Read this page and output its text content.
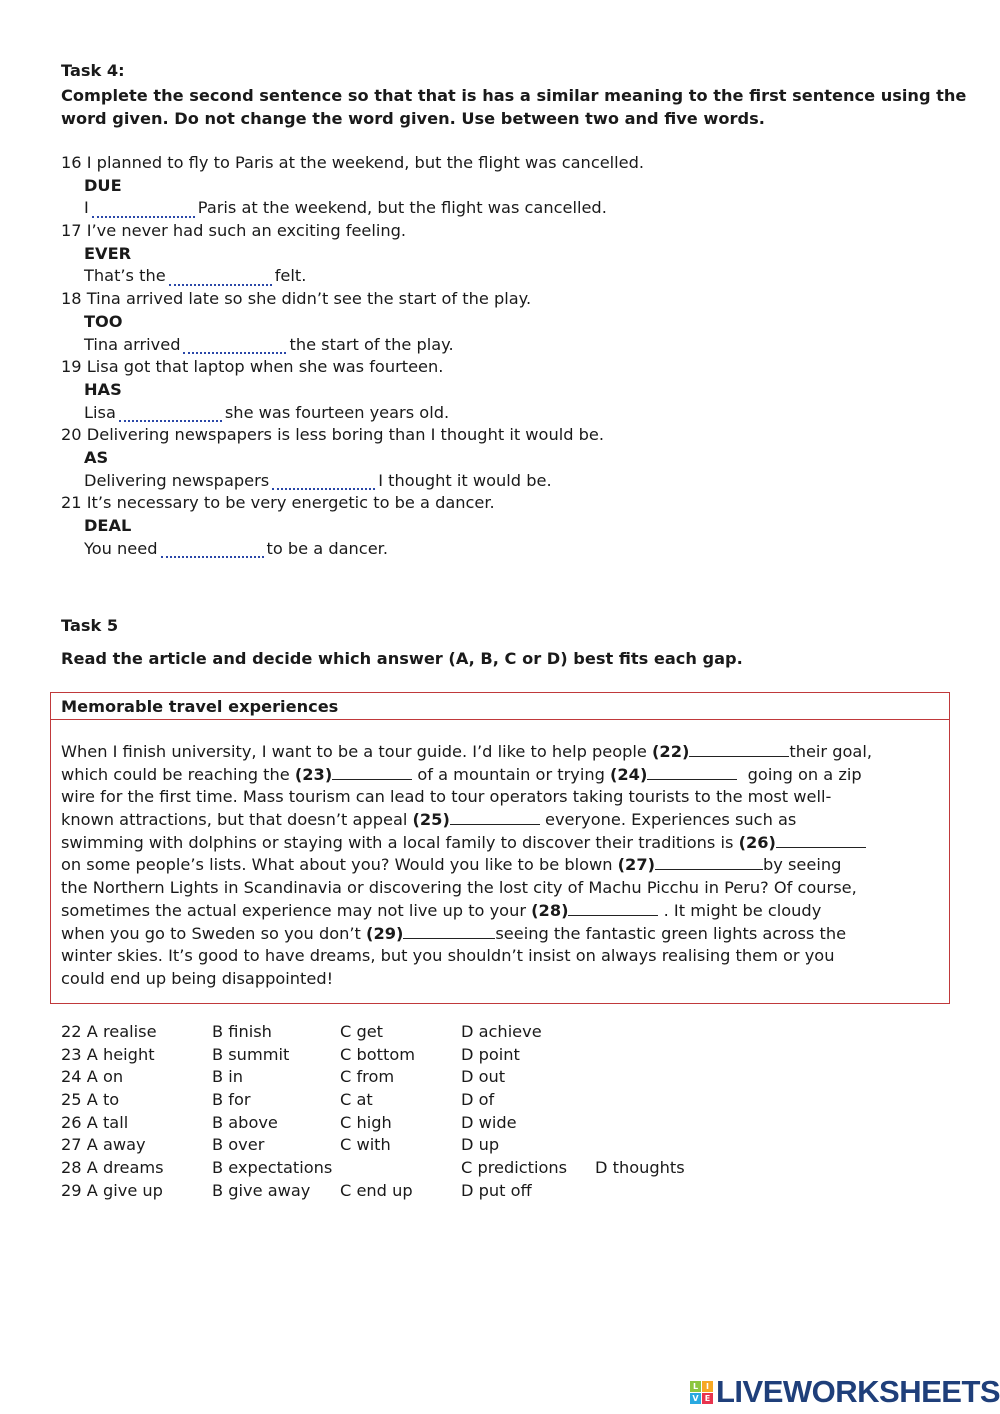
Task 4:
Complete the second sentence so that that is has a similar meaning to the first sentence using the
word given. Do not change the word given. Use between two and five words.
16 I planned to fly to Paris at the weekend, but the flight was cancelled.
DUE
I	Paris at the weekend, but the flight was cancelled.
17 I’ve never had such an exciting feeling.
EVER
That’s the	felt.
18 Tina arrived late so she didn’t see the start of the play.
TOO
Tina arrived	the start of the play.
19 Lisa got that laptop when she was fourteen.
HAS
Lisa	she was fourteen years old.
20 Delivering newspapers is less boring than I thought it would be.
AS
Delivering newspapers	I thought it would be.
21 It’s necessary to be very energetic to be a dancer.
DEAL
You need	to be a dancer.
Task 5
Read the article and decide which answer (A, B, C or D) best fits each gap.
Memorable travel experiences
When I finish university, I want to be a tour guide. I’d like to help people (22)	their goal,
which could be reaching the (23)	of a mountain or trying (24)	going on a zip
wire for the first time. Mass tourism can lead to tour operators taking tourists to the most well-
known attractions, but that doesn’t appeal (25)	everyone. Experiences such as
swimming with dolphins or staying with a local family to discover their traditions is (26)
on some people’s lists. What about you? Would you like to be blown (27)	by seeing
the Northern Lights in Scandinavia or discovering the lost city of Machu Picchu in Peru? Of course,
sometimes the actual experience may not live up to your (28)	. It might be cloudy
when you go to Sweden so you don’t (29)	seeing the fantastic green lights across the
winter skies. It’s good to have dreams, but you shouldn’t insist on always realising them or you
could end up being disappointed!
22 A realise	B finish	C get	D achieve
23 A height	B summit	C bottom	D point
24 A on	B in	C from	D out
25 A to	B for	C at	D of
26 A tall	B above	C high	D wide
27 A away	B over	C with	D up
28 A dreams	B expectations	C predictions D thoughts
29 A give up	B give away C end up	D put off
L I
V E LIVEWORKSHEETS
